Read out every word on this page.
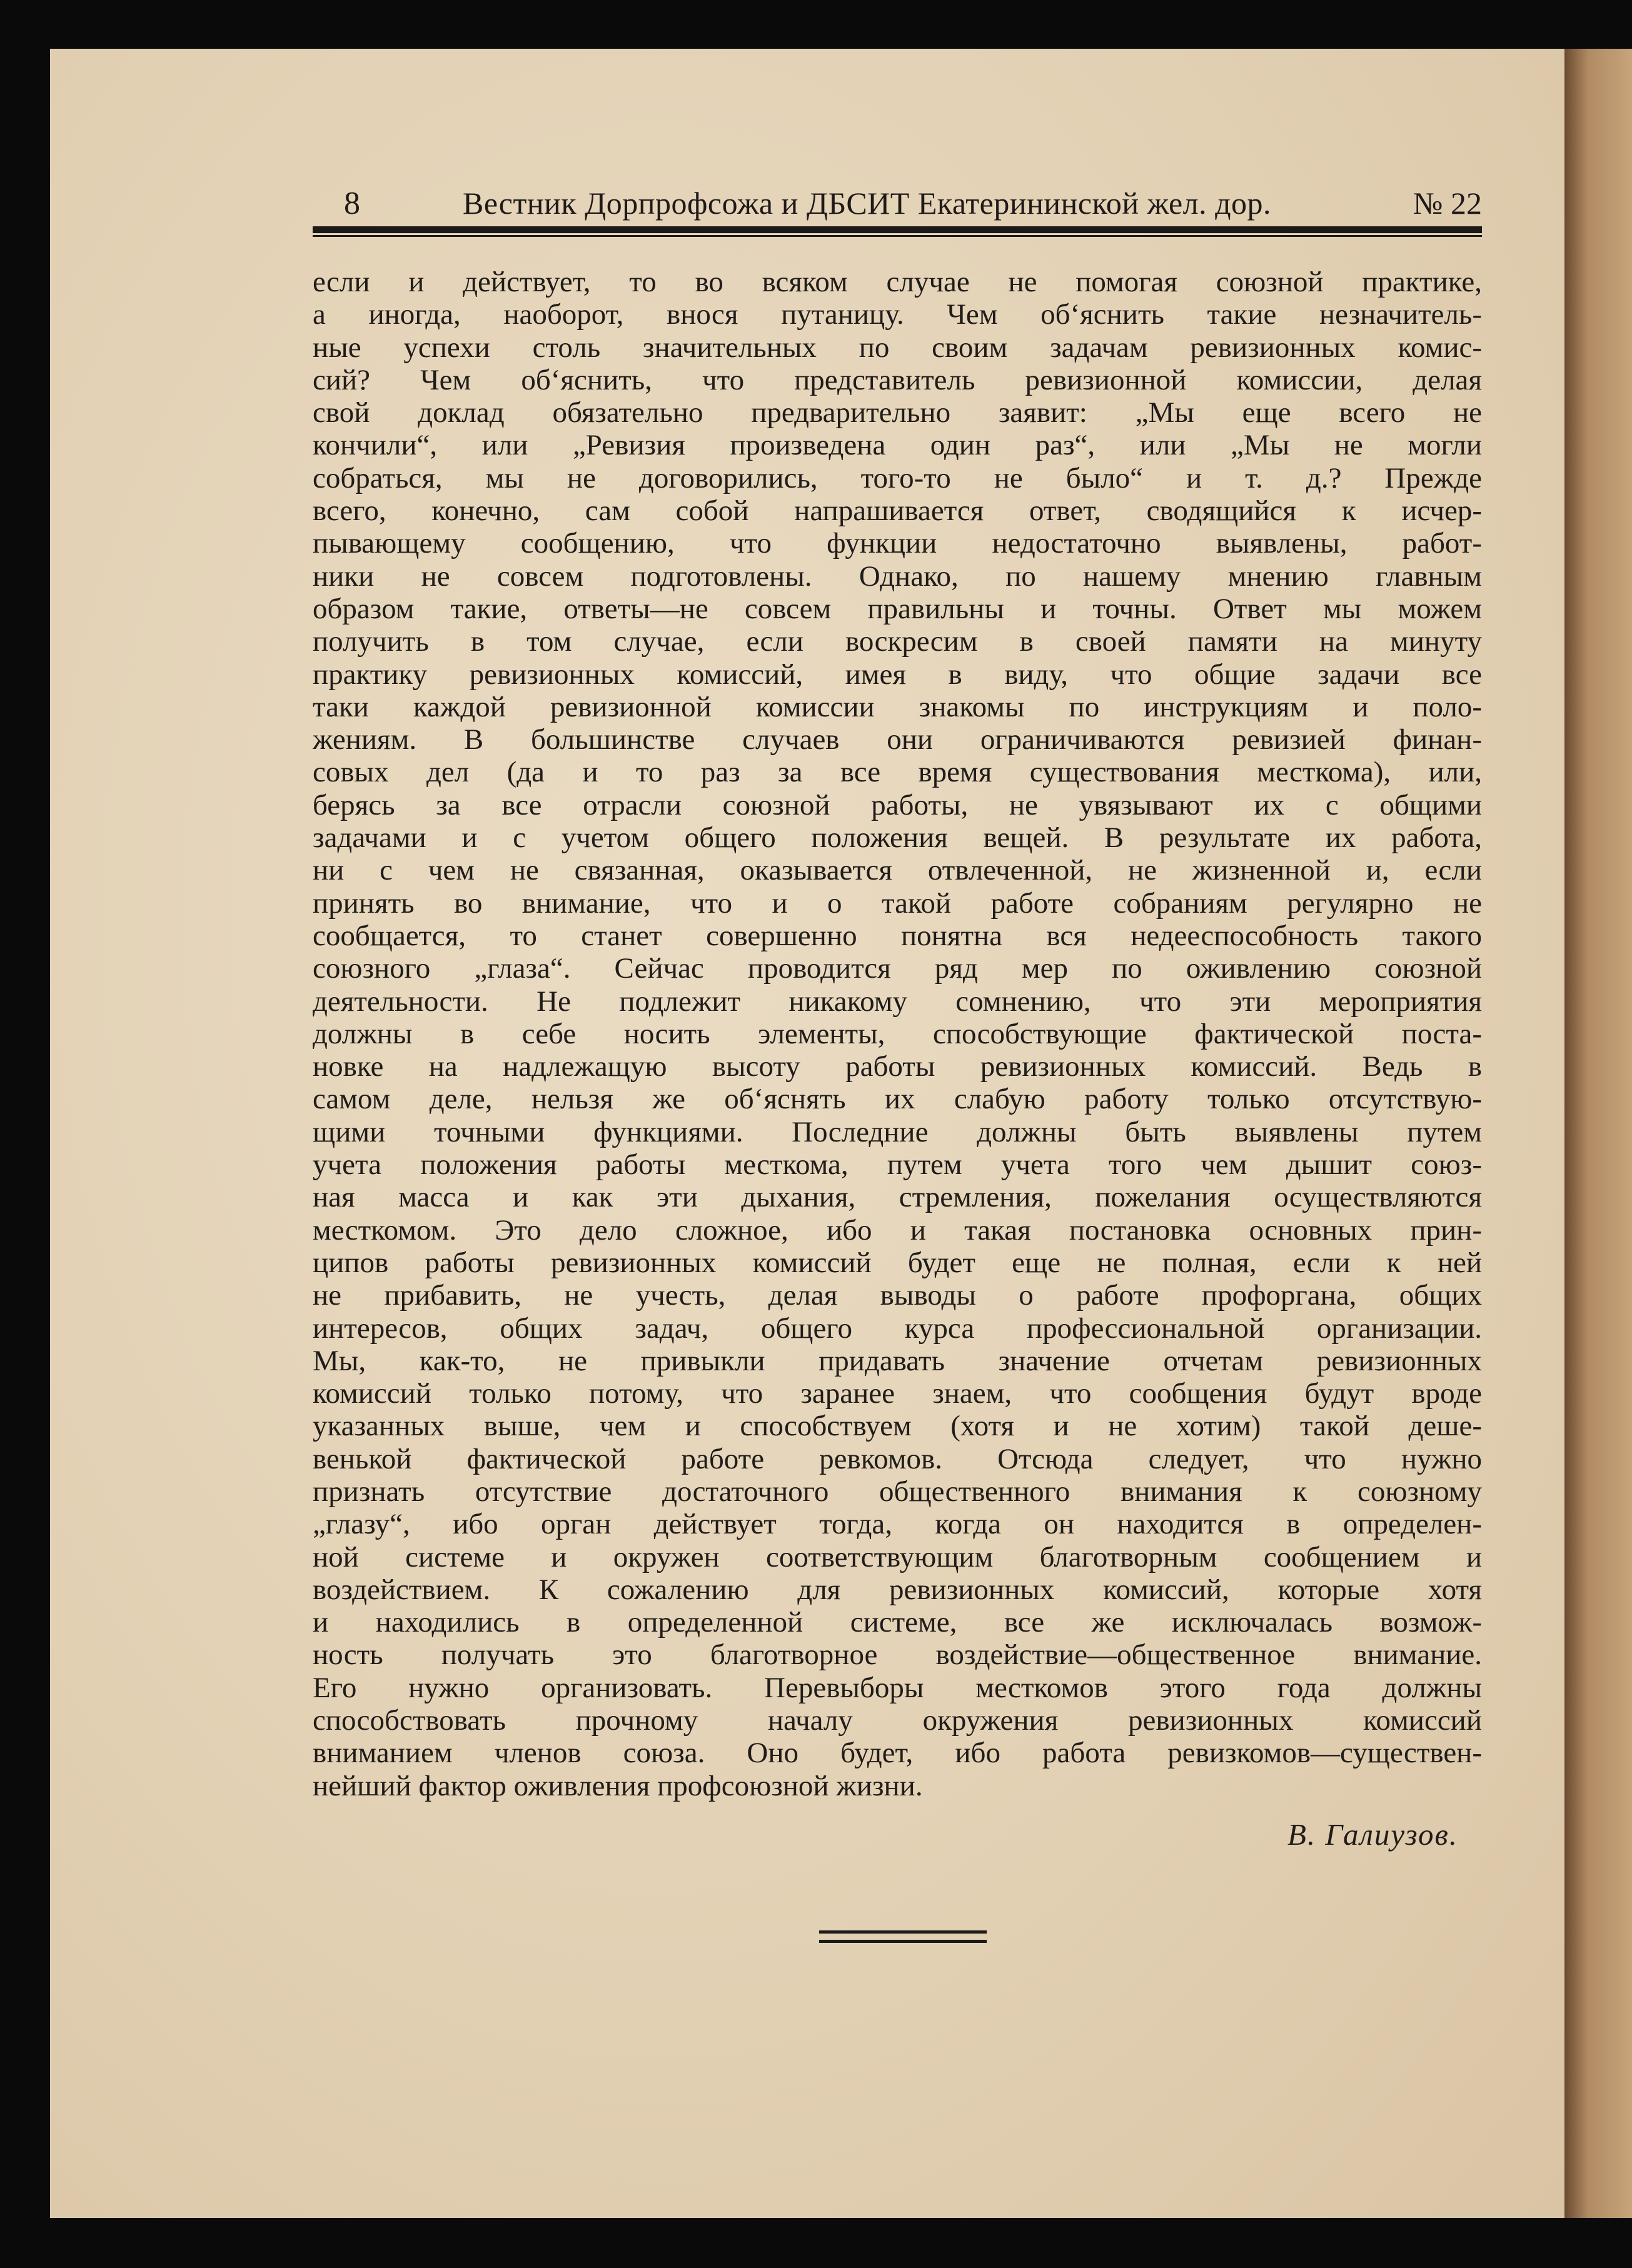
8	Вестник Дорпрофсожа и ДБСИТ Екатерининской жел. дор.	№ 22
если и действует, то во всяком случае не помогая союзной практике,
а иногда, наоборот, внося путаницу. Чем об‘яснить такие незначитель-
ные успехи столь значительных по своим задачам ревизионных комис-
сий? Чем об‘яснить, что представитель ревизионной комиссии, делая
свой доклад обязательно предварительно заявит: „Мы еще всего не
кончили“, или „Ревизия произведена один раз“, или „Мы не могли
собраться, мы не договорились, того-то не было“ и т. д.? Прежде
всего, конечно, сам собой напрашивается ответ, сводящийся к исчер-
пывающему сообщению, что функции недостаточно выявлены, работ-
ники не совсем подготовлены. Однако, по нашему мнению главным
образом такие, ответы—не совсем правильны и точны. Ответ мы можем
получить в том случае, если воскресим в своей памяти на минуту
практику ревизионных комиссий, имея в виду, что общие задачи все
таки каждой ревизионной комиссии знакомы по инструкциям и поло-
жениям. В большинстве случаев они ограничиваются ревизией финан-
совых дел (да и то раз за все время существования месткома), или,
берясь за все отрасли союзной работы, не увязывают их с общими
задачами и с учетом общего положения вещей. В результате их работа,
ни с чем не связанная, оказывается отвлеченной, не жизненной и, если
принять во внимание, что и о такой работе собраниям регулярно не
сообщается, то станет совершенно понятна вся недееспособность такого
союзного „глаза“. Сейчас проводится ряд мер по оживлению союзной
деятельности. Не подлежит никакому сомнению, что эти мероприятия
должны в себе носить элементы, способствующие фактической поста-
новке на надлежащую высоту работы ревизионных комиссий. Ведь в
самом деле, нельзя же об‘яснять их слабую работу только отсутствую-
щими точными функциями. Последние должны быть выявлены путем
учета положения работы месткома, путем учета того чем дышит союз-
ная масса и как эти дыхания, стремления, пожелания осуществляются
месткомом. Это дело сложное, ибо и такая постановка основных прин-
ципов работы ревизионных комиссий будет еще не полная, если к ней
не прибавить, не учесть, делая выводы о работе профоргана, общих
интересов, общих задач, общего курса профессиональной организации.
Мы, как-то, не привыкли придавать значение отчетам ревизионных
комиссий только потому, что заранее знаем, что сообщения будут вроде
указанных выше, чем и способствуем (хотя и не хотим) такой деше-
венькой фактической работе ревкомов. Отсюда следует, что нужно
признать отсутствие достаточного общественного внимания к союзному
„глазу“, ибо орган действует тогда, когда он находится в определен-
ной системе и окружен соответствующим благотворным сообщением и
воздействием. К сожалению для ревизионных комиссий, которые хотя
и находились в определенной системе, все же исключалась возмож-
ность получать это благотворное воздействие—общественное внимание.
Его нужно организовать. Перевыборы месткомов этого года должны
способствовать прочному началу окружения ревизионных комиссий
вниманием членов союза. Оно будет, ибо работа ревизкомов—существен-
нейший фактор оживления профсоюзной жизни.
В. Галиузов.
